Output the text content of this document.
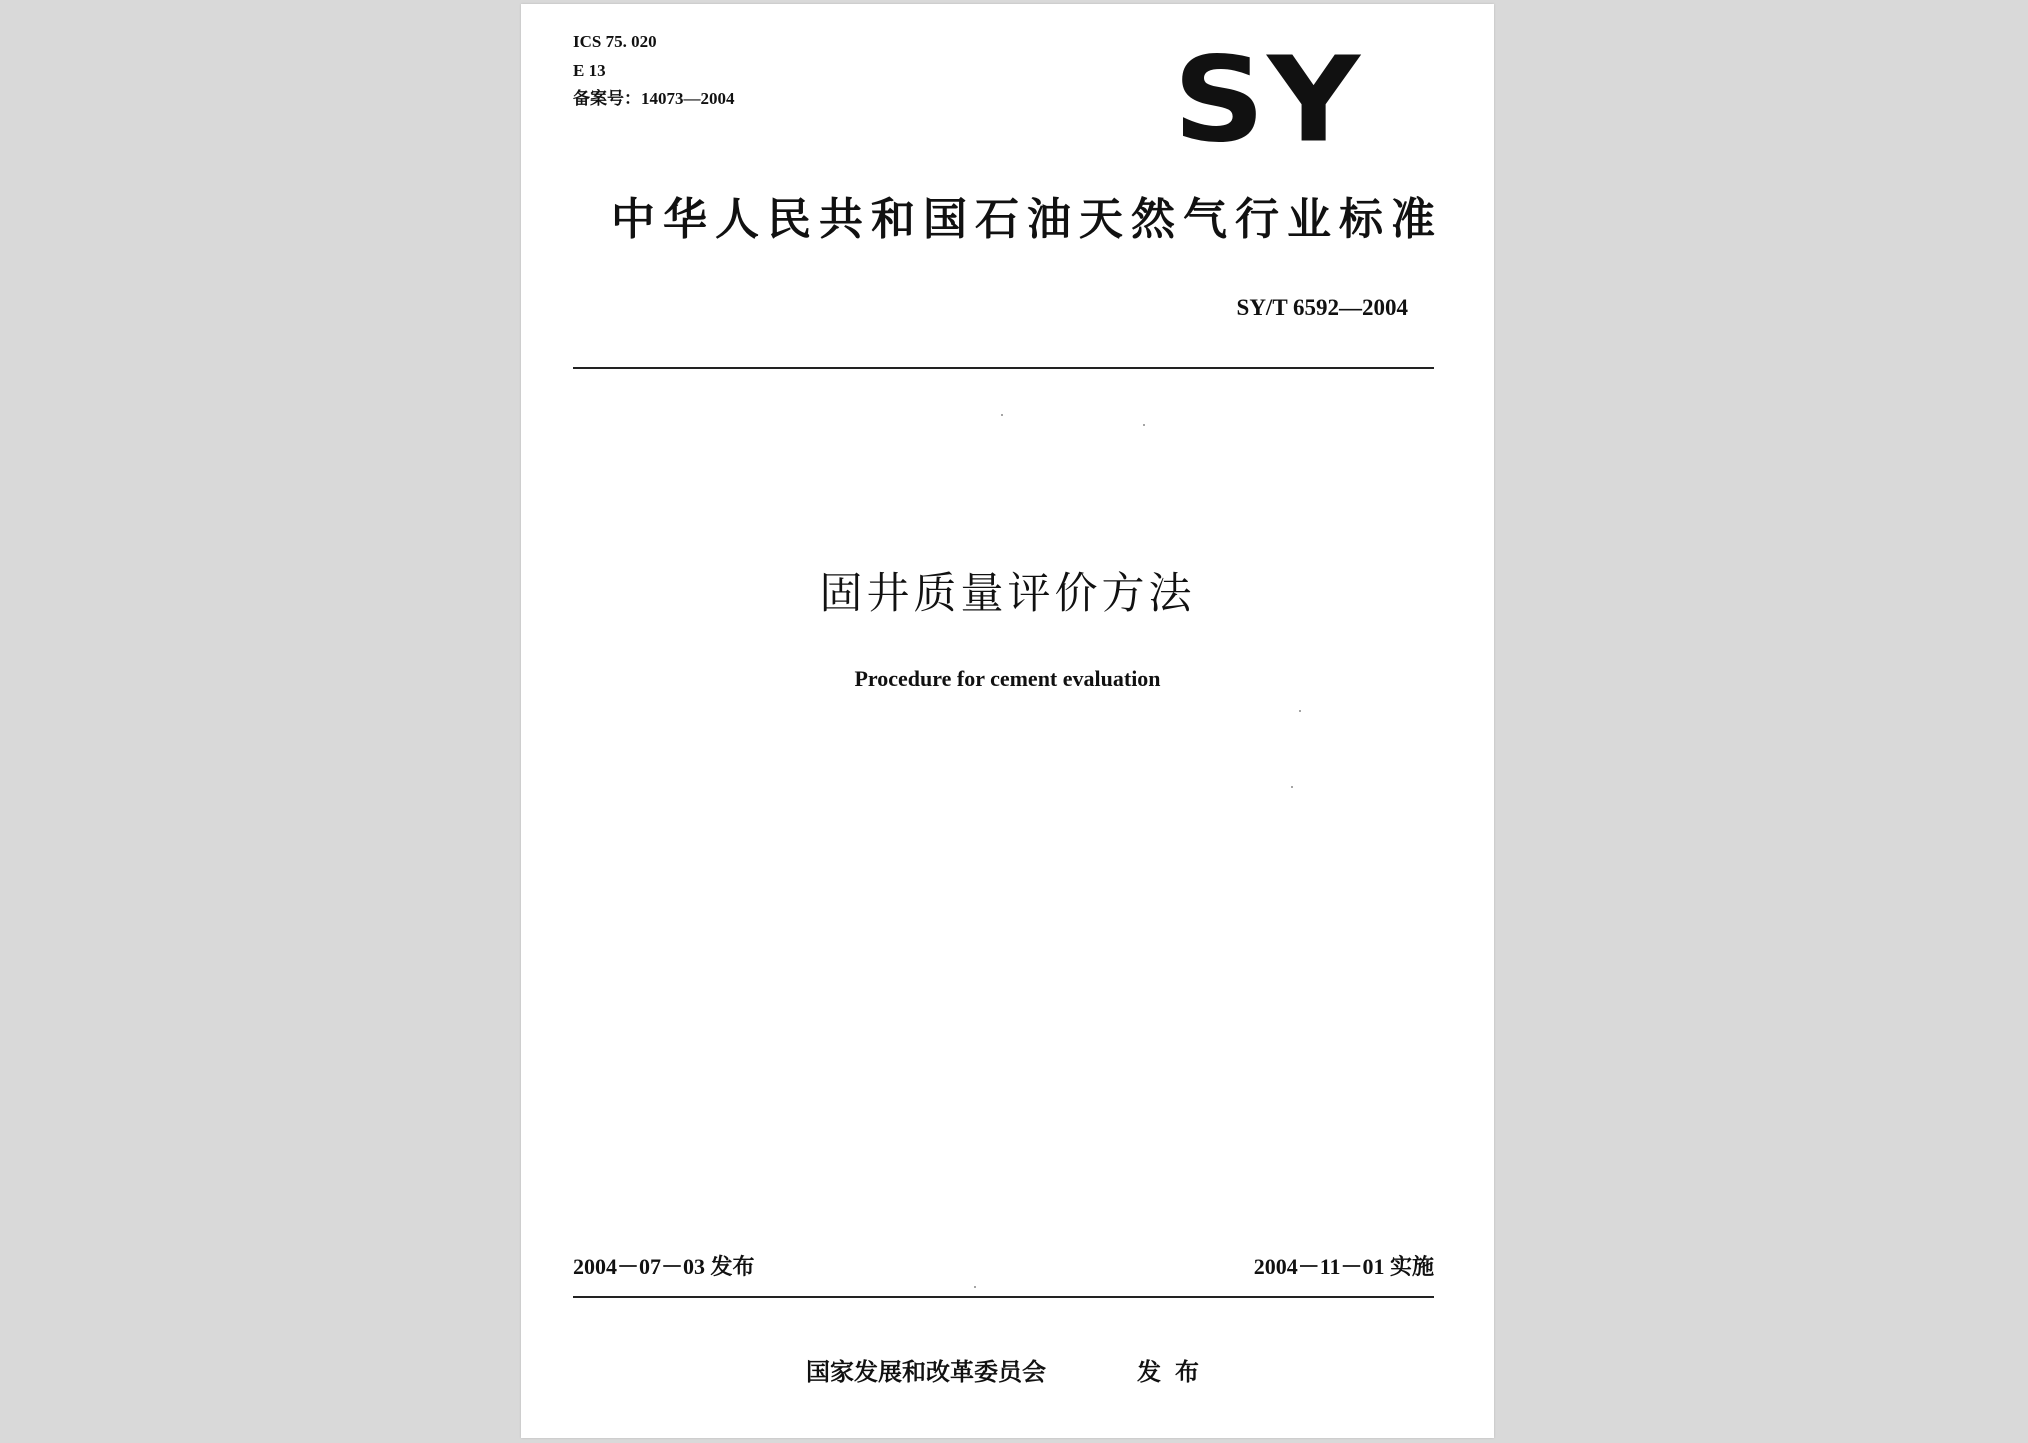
ICS 75. 020
E 13
备案号：14073—2004	SY
中华人民共和国石油天然气行业标准
SY/T 6592—2004
固井质量评价方法
Procedure for cement evaluation
2004－07－03 发布	2004－11－01 实施
国家发展和改革委员会	发布
